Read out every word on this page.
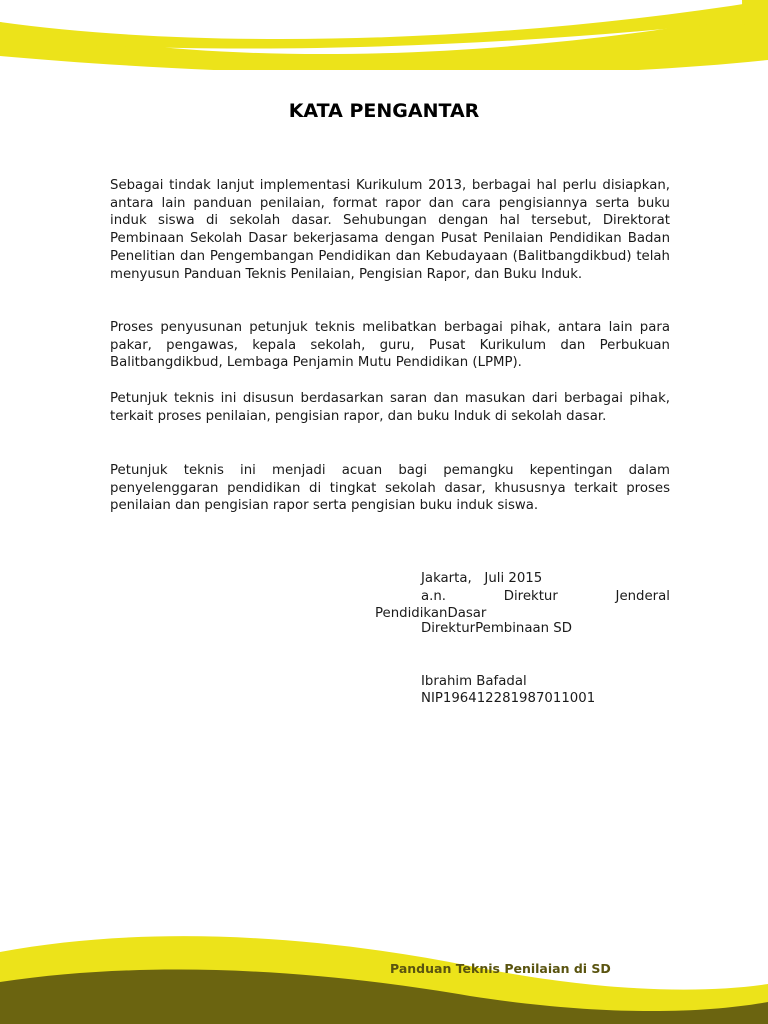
KATA PENGANTAR

Sebagai tindak lanjut implementasi Kurikulum 2013, berbagai hal perlu disiapkan, antara lain panduan penilaian, format rapor dan cara pengisiannya serta buku induk siswa di sekolah dasar. Sehubungan dengan hal tersebut, Direktorat Pembinaan Sekolah Dasar bekerjasama dengan Pusat Penilaian Pendidikan Badan Penelitian dan Pengembangan Pendidikan dan Kebudayaan (Balitbangdikbud) telah menyusun Panduan Teknis Penilaian, Pengisian Rapor, dan Buku Induk.

Proses penyusunan petunjuk teknis melibatkan berbagai pihak, antara lain para pakar, pengawas, kepala sekolah, guru, Pusat Kurikulum dan Perbukuan Balitbangdikbud, Lembaga Penjamin Mutu Pendidikan (LPMP).

Petunjuk teknis ini disusun berdasarkan saran dan masukan dari berbagai pihak, terkait proses penilaian, pengisian rapor, dan buku Induk di sekolah dasar.

Petunjuk teknis ini menjadi acuan bagi pemangku kepentingan dalam penyelenggaran pendidikan di tingkat sekolah dasar, khususnya terkait proses penilaian dan pengisian rapor serta pengisian buku induk siswa.

Jakarta,   Juli 2015

a.n. Direktur Jenderal

PendidikanDasar

DirekturPembinaan SD

Ibrahim Bafadal

NIP196412281987011001

Panduan Teknis Penilaian di SD
